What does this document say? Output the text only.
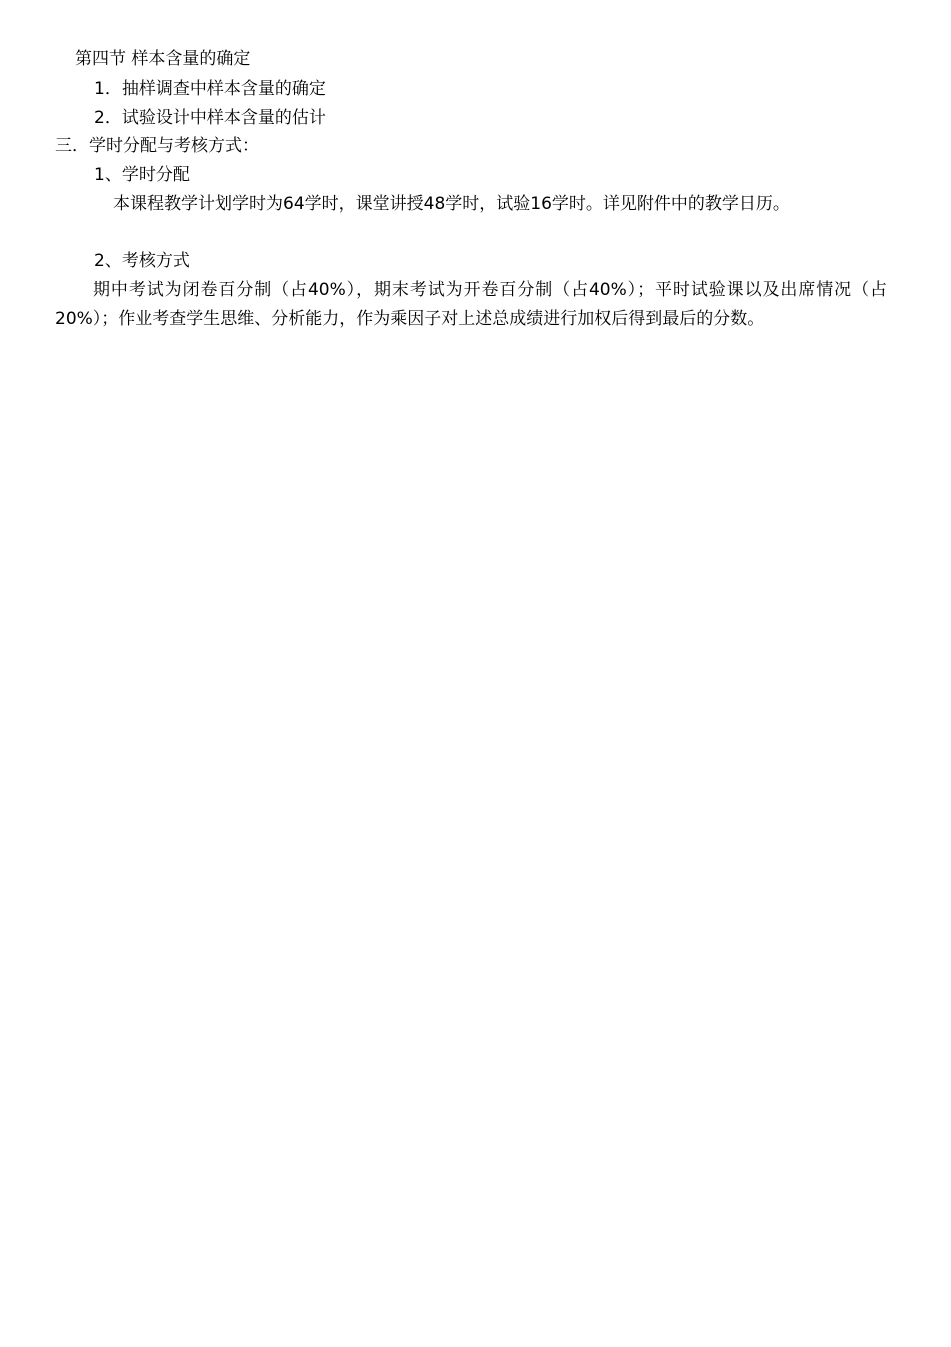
第四节 样本含量的确定
1．抽样调查中样本含量的确定
2．试验设计中样本含量的估计
三．学时分配与考核方式：
1、学时分配
本课程教学计划学时为64学时，课堂讲授48学时，试验16学时。详见附件中的教学日历。
2、考核方式
期中考试为闭卷百分制（占40%），期末考试为开卷百分制（占40%）；平时试验课以及出席情况（占20%）；作业考查学生思维、分析能力，作为乘因子对上述总成绩进行加权后得到最后的分数。
